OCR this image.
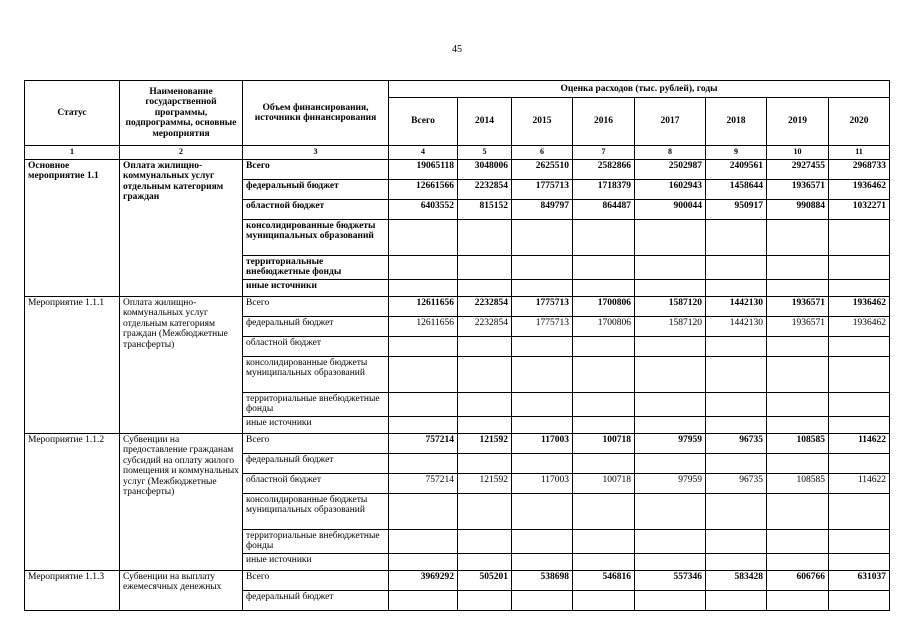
45
Статус	Наименование государственной программы, подпрограммы, основные мероприятия	Объем финансирования, источники финансирования	Оценка расходов (тыс. рублей), годы							
			Всего	2014	2015	2016	2017	2018	2019	2020
1	2	3	4	5	6	7	8	9	10	11
Основное мероприятие 1.1	Оплата жилищно-коммунальных услуг отдельным категориям граждан	Всего	19065118	3048006	2625510	2582866	2502987	2409561	2927455	2968733
		федеральный бюджет	12661566	2232854	1775713	1718379	1602943	1458644	1936571	1936462
		областной бюджет	6403552	815152	849797	864487	900044	950917	990884	1032271
		консолидированные бюджеты муниципальных образований								
		территориальные внебюджетные фонды								
		иные источники								
Мероприятие 1.1.1	Оплата жилищно-коммунальных услуг отдельным категориям граждан (Межбюджетные трансферты)	Всего	12611656	2232854	1775713	1700806	1587120	1442130	1936571	1936462
		федеральный бюджет	12611656	2232854	1775713	1700806	1587120	1442130	1936571	1936462
		областной бюджет								
		консолидированные бюджеты муниципальных образований								
		территориальные внебюджетные фонды								
		иные источники								
Мероприятие 1.1.2	Субвенции на предоставление гражданам субсидий на оплату жилого помещения и коммунальных услуг (Межбюджетные трансферты)	Всего	757214	121592	117003	100718	97959	96735	108585	114622
		федеральный бюджет								
		областной бюджет	757214	121592	117003	100718	97959	96735	108585	114622
		консолидированные бюджеты муниципальных образований								
		территориальные внебюджетные фонды								
		иные источники								
Мероприятие 1.1.3	Субвенции на выплату ежемесячных денежных	Всего	3969292	505201	538698	546816	557346	583428	606766	631037
		федеральный бюджет								
